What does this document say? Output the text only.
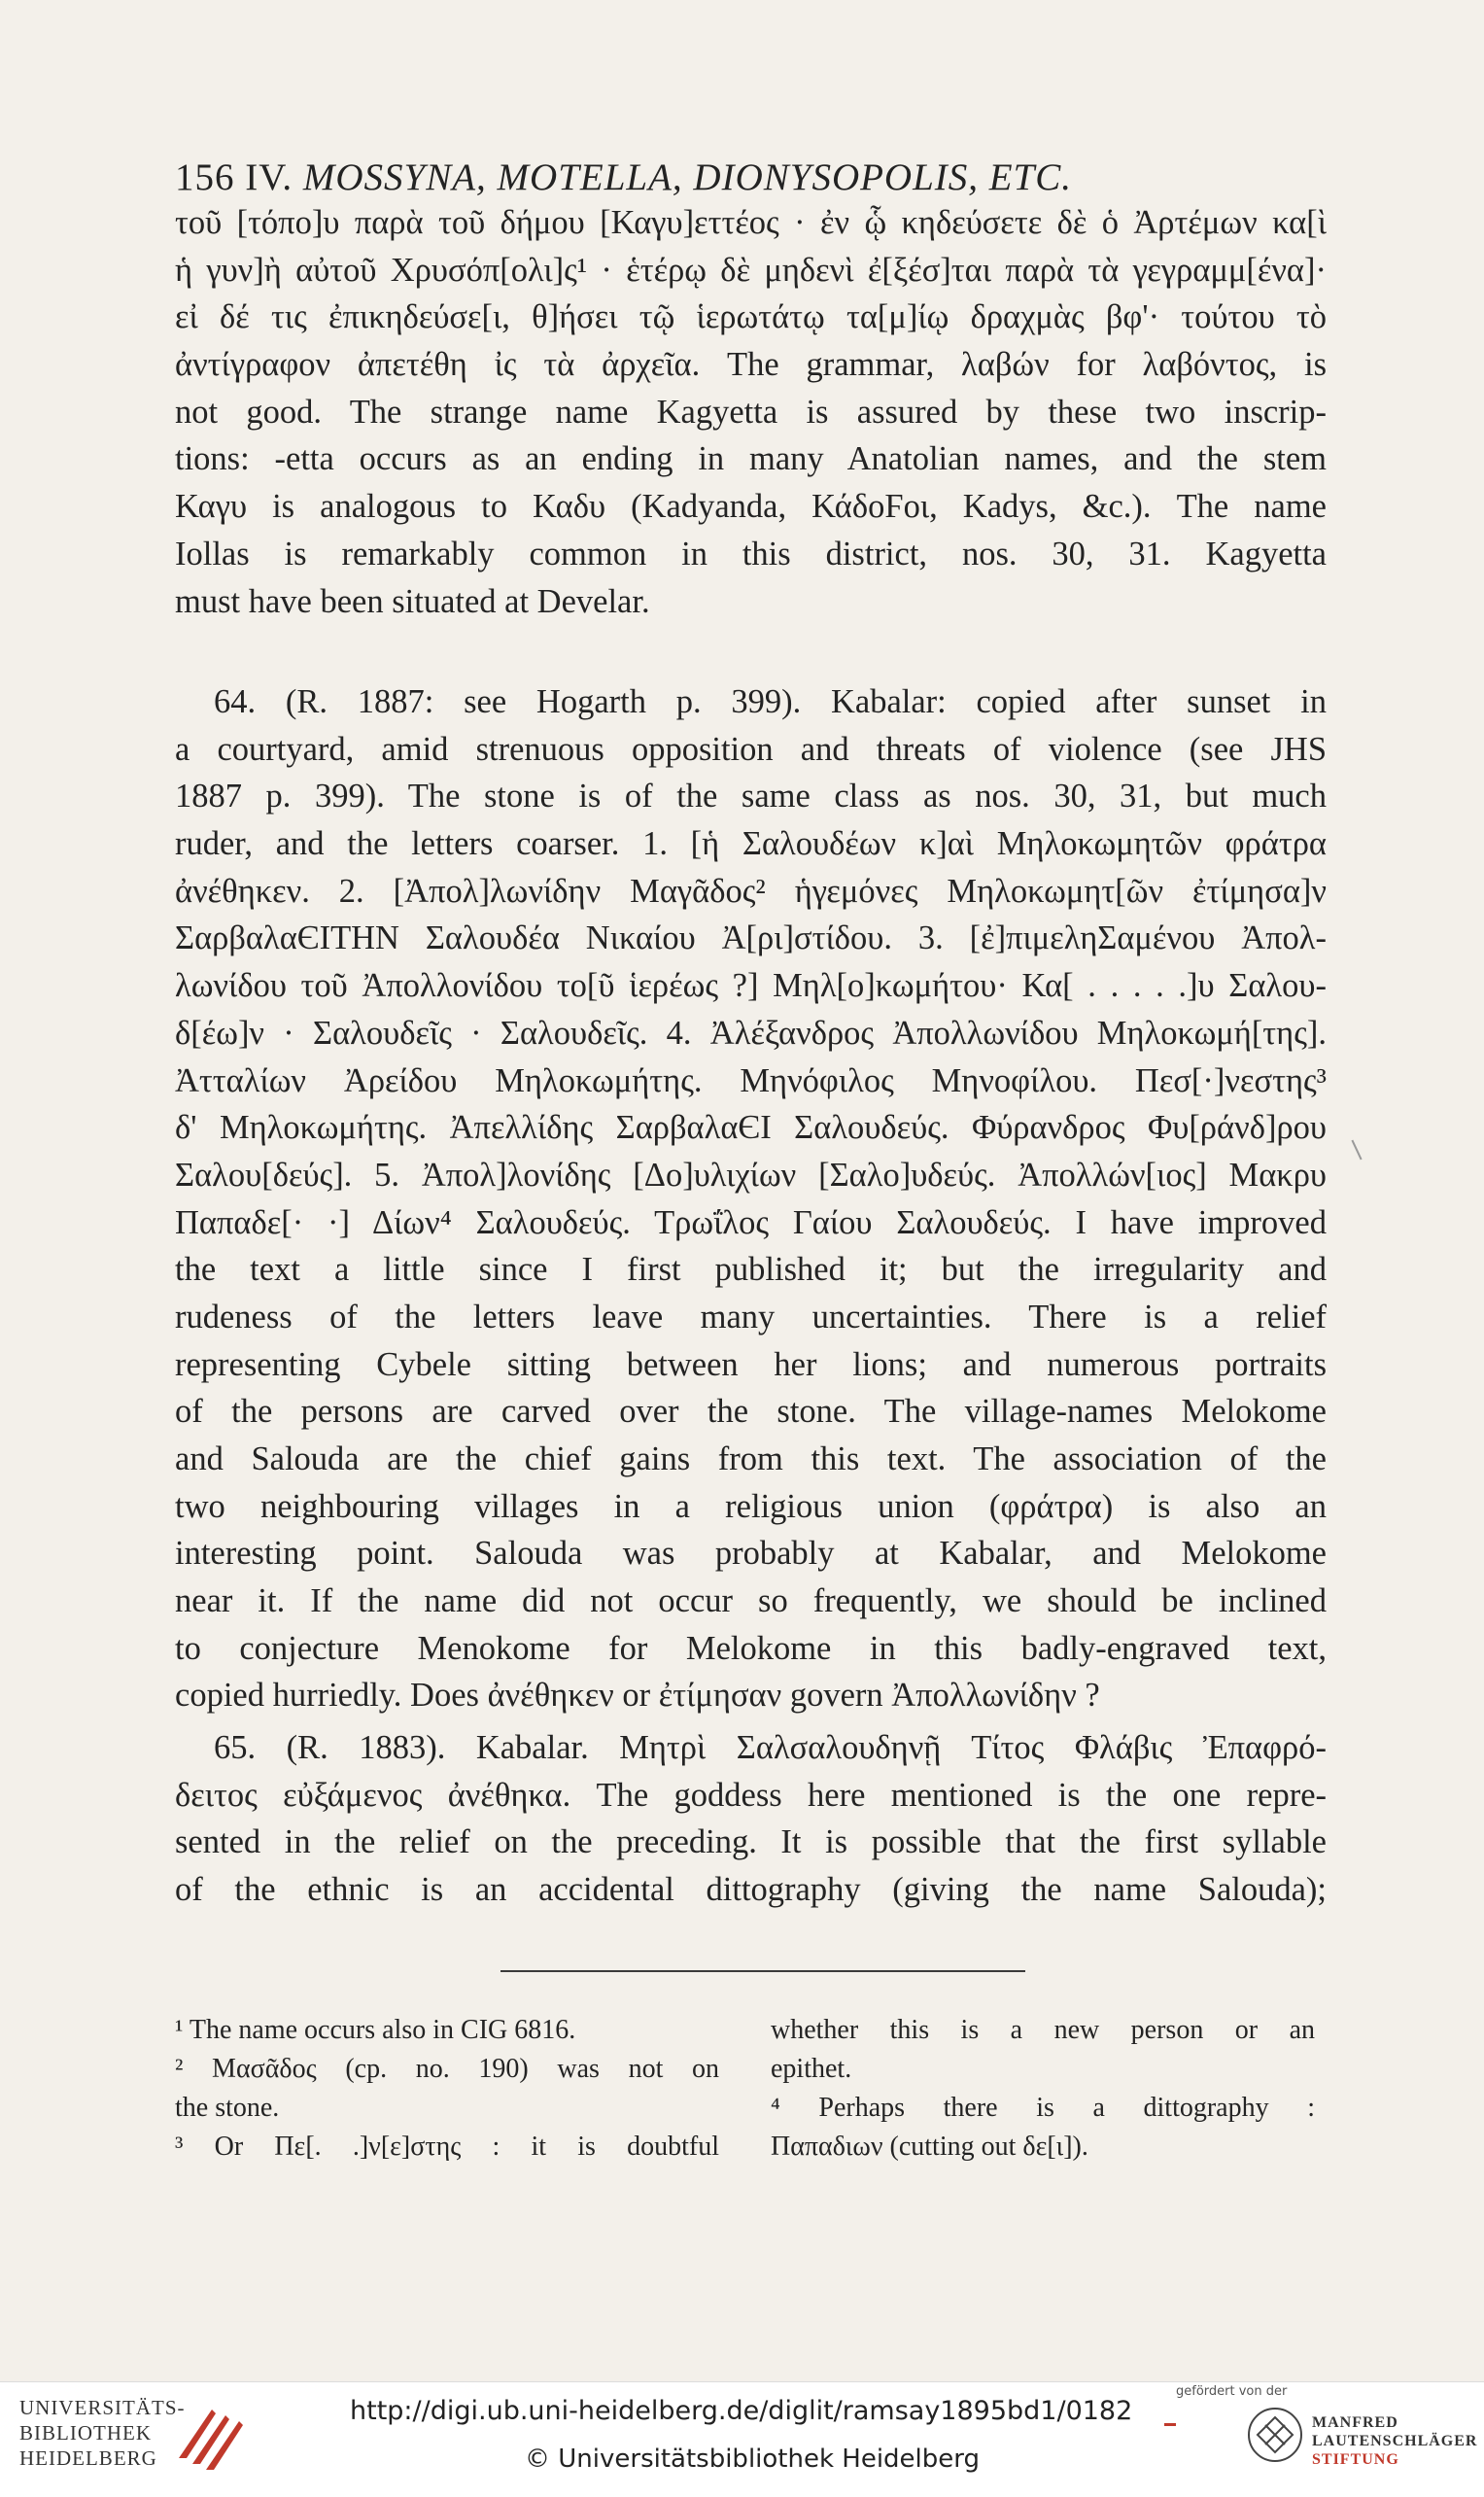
156 IV. MOSSYNA, MOTELLA, DIONYSOPOLIS, ETC.
τοῦ [τόπο]υ παρὰ τοῦ δήμου [Καγυ]εττέος · ἐν ᾧ κηδεύσετε δὲ ὁ Ἀρτέμων κα[ὶ
ἡ γυν]ὴ αὐτοῦ Χρυσόπ[ολι]ς¹ · ἑτέρῳ δὲ μηδενὶ ἐ[ξέσ]ται παρὰ τὰ γεγραμμ[ένα]·
εἰ δέ τις ἐπικηδεύσε[ι, θ]ήσει τῷ ἱερωτάτῳ τα[μ]ίῳ δραχμὰς βφ'· τούτου τὸ
ἀντίγραφον ἀπετέθη ἰς τὰ ἀρχεῖα. The grammar, λαβών for λαβόντος, is
not good. The strange name Kagyetta is assured by these two inscrip-
tions: -etta occurs as an ending in many Anatolian names, and the stem
Καγυ is analogous to Καδυ (Kadyanda, ΚάδοϜοι, Kadys, &c.). The name
Iollas is remarkably common in this district, nos. 30, 31. Kagyetta
must have been situated at Develar.
64. (R. 1887: see Hogarth p. 399). Kabalar: copied after sunset in
a courtyard, amid strenuous opposition and threats of violence (see JHS
1887 p. 399). The stone is of the same class as nos. 30, 31, but much
ruder, and the letters coarser. 1. [ἡ Σαλουδέων κ]αὶ Μηλοκωμητῶν φράτρα
ἀνέθηκεν. 2. [Ἀπολ]λωνίδην Μαγᾶδος² ἡγεμόνες Μηλοκωμητ[ῶν ἐτίμησα]ν
ΣαρβαλαЄΙΤΗΝ Σαλουδέα Νικαίου Ἀ[ρι]στίδου. 3. [ἐ]πιμεληΣαμένου Ἀπολ-
λωνίδου τοῦ Ἀπολλονίδου το[ῦ ἱερέως ?] Μηλ[ο]κωμήτου· Κα[ . . . . .]υ Σαλου-
δ[έω]ν · Σαλουδεῖς · Σαλουδεῖς. 4. Ἀλέξανδρος Ἀπολλωνίδου Μηλοκωμή[της].
Ἀτταλίων Ἀρείδου Μηλοκωμήτης. Μηνόφιλος Μηνοφίλου. Πεσ[·]νεστης³
δ' Μηλοκωμήτης. Ἀπελλίδης ΣαρβαλαЄΙ Σαλουδεύς. Φύρανδρος Φυ[ράνδ]ρου
Σαλου[δεύς]. 5. Ἀπολ]λονίδης [Δο]υλιχίων [Σαλο]υδεύς. Ἀπολλών[ιος] Μακρυ
Παπαδε[· ·] Δίων⁴ Σαλουδεύς. Τρωΐλος Γαίου Σαλουδεύς. I have improved
the text a little since I first published it; but the irregularity and
rudeness of the letters leave many uncertainties. There is a relief
representing Cybele sitting between her lions; and numerous portraits
of the persons are carved over the stone. The village-names Melokome
and Salouda are the chief gains from this text. The association of the
two neighbouring villages in a religious union (φράτρα) is also an
interesting point. Salouda was probably at Kabalar, and Melokome
near it. If the name did not occur so frequently, we should be inclined
to conjecture Menokome for Melokome in this badly-engraved text,
copied hurriedly. Does ἀνέθηκεν or ἐτίμησαν govern Ἀπολλωνίδην ?
65. (R. 1883). Kabalar. Μητρὶ Σαλσαλουδηνῇ Τίτος Φλάβις Ἐπαφρό-
δειτος εὐξάμενος ἀνέθηκα. The goddess here mentioned is the one repre-
sented in the relief on the preceding. It is possible that the first syllable
of the ethnic is an accidental dittography (giving the name Salouda);
¹ The name occurs also in CIG 6816.
² Μασᾶδος (cp. no. 190) was not on
the stone.
³ Or Πε[. .]ν[ε]στης : it is doubtful
whether this is a new person or an
epithet.
⁴ Perhaps there is a dittography :
Παπαδιων (cutting out δε[ι]).
UNIVERSITÄTS-
BIBLIOTHEK
HEIDELBERG
http://digi.ub.uni-heidelberg.de/diglit/ramsay1895bd1/0182
© Universitätsbibliothek Heidelberg
gefördert von der
MANFRED
LAUTENSCHLÄGER
STIFTUNG
